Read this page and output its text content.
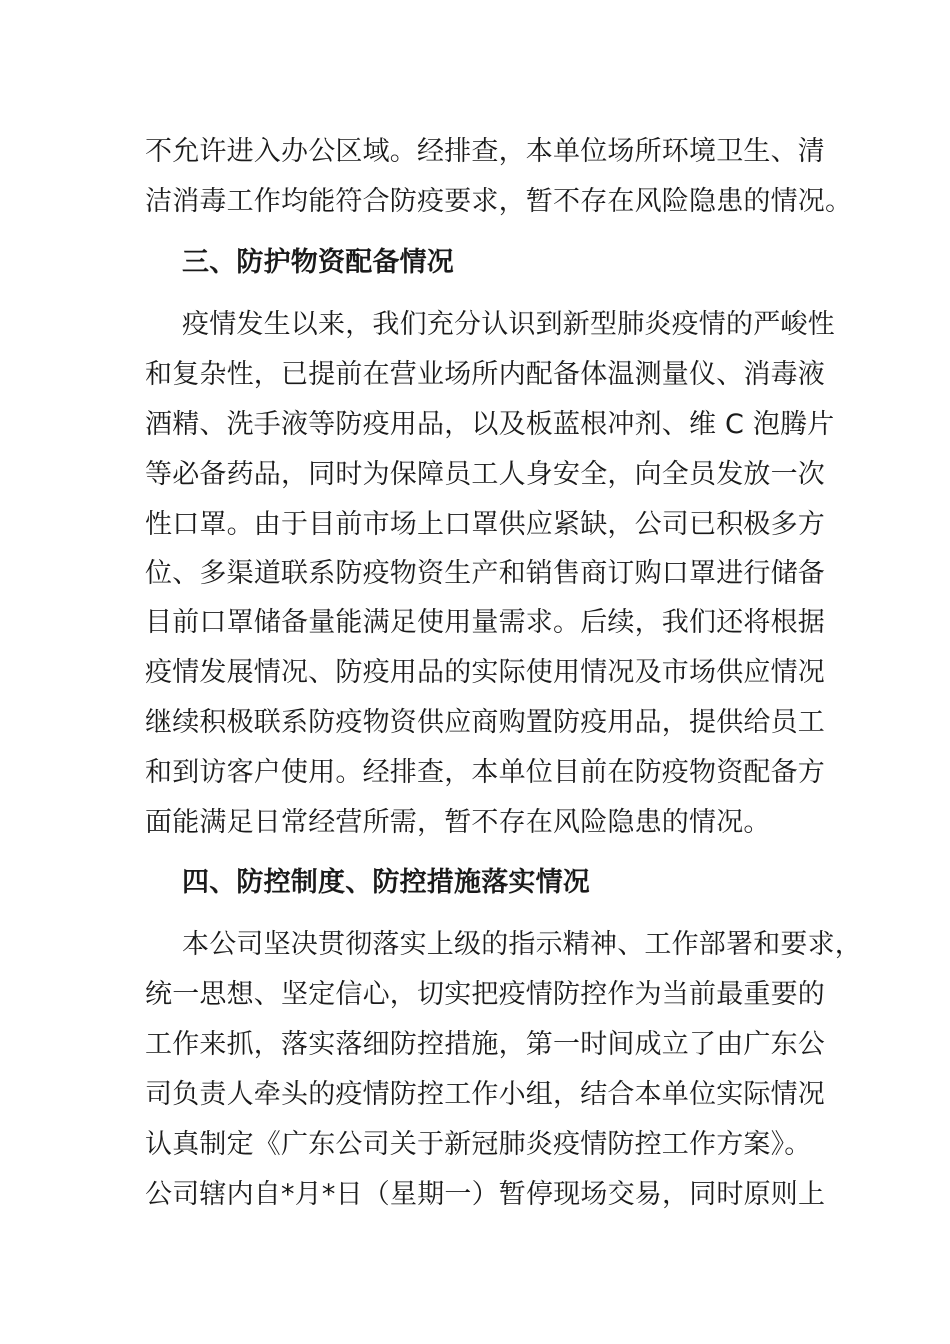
不允许进入办公区域。经排查，本单位场所环境卫生、清
洁消毒工作均能符合防疫要求，暂不存在风险隐患的情况。
三、防护物资配备情况
疫情发生以来，我们充分认识到新型肺炎疫情的严峻性
和复杂性，已提前在营业场所内配备体温测量仪、消毒液
酒精、洗手液等防疫用品，以及板蓝根冲剂、维 C 泡腾片
等必备药品，同时为保障员工人身安全，向全员发放一次
性口罩。由于目前市场上口罩供应紧缺，公司已积极多方
位、多渠道联系防疫物资生产和销售商订购口罩进行储备
目前口罩储备量能满足使用量需求。后续，我们还将根据
疫情发展情况、防疫用品的实际使用情况及市场供应情况
继续积极联系防疫物资供应商购置防疫用品，提供给员工
和到访客户使用。经排查，本单位目前在防疫物资配备方
面能满足日常经营所需，暂不存在风险隐患的情况。
四、防控制度、防控措施落实情况
本公司坚决贯彻落实上级的指示精神、工作部署和要求，
统一思想、坚定信心，切实把疫情防控作为当前最重要的
工作来抓，落实落细防控措施，第一时间成立了由广东公
司负责人牵头的疫情防控工作小组，结合本单位实际情况
认真制定《广东公司关于新冠肺炎疫情防控工作方案》。
公司辖内自*月*日（星期一）暂停现场交易，同时原则上
